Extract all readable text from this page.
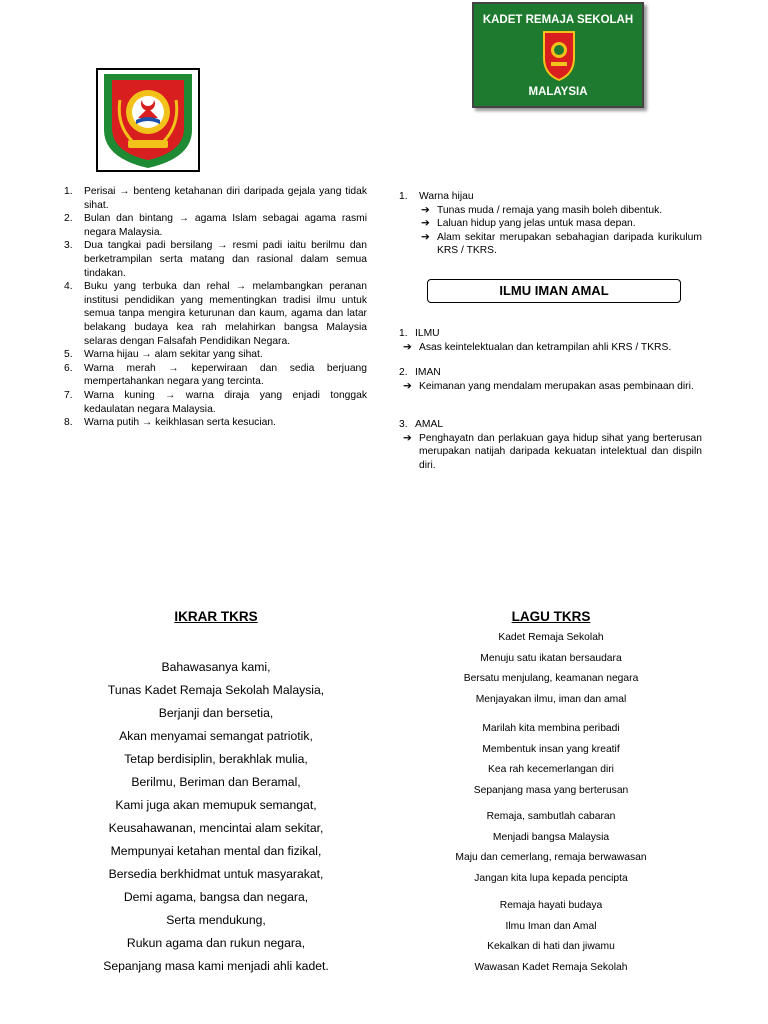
KADET REMAJA SEKOLAH
MALAYSIA
1. Perisai → benteng ketahanan diri daripada gejala yang tidak sihat.
2. Bulan dan bintang → agama Islam sebagai agama rasmi negara Malaysia.
3. Dua tangkai padi bersilang → resmi padi iaitu berilmu dan berketrampilan serta matang dan rasional dalam semua tindakan.
4. Buku yang terbuka dan rehal → melambangkan peranan institusi pendidikan yang mementingkan tradisi ilmu untuk semua tanpa mengira keturunan dan kaum, agama dan latar belakang budaya kea rah melahirkan bangsa Malaysia selaras dengan Falsafah Pendidikan Negara.
5. Warna hijau → alam sekitar yang sihat.
6. Warna merah → keperwiraan dan sedia berjuang mempertahankan negara yang tercinta.
7. Warna kuning → warna diraja yang enjadi tonggak kedaulatan negara Malaysia.
8. Warna putih → keikhlasan serta kesucian.
1. Warna hijau
➔ Tunas muda / remaja yang masih boleh dibentuk.
➔ Laluan hidup yang jelas untuk masa depan.
➔ Alam sekitar merupakan sebahagian daripada kurikulum KRS / TKRS.
ILMU IMAN AMAL
1. ILMU
➔ Asas keintelektualan dan ketrampilan ahli KRS / TKRS.
2. IMAN
➔ Keimanan yang mendalam merupakan asas pembinaan diri.
3. AMAL
➔ Penghayatn dan perlakuan gaya hidup sihat yang berterusan merupakan natijah daripada kekuatan intelektual dan dispiln diri.
IKRAR TKRS
Bahawasanya kami,
Tunas Kadet Remaja Sekolah Malaysia,
Berjanji dan bersetia,
Akan menyamai semangat patriotik,
Tetap berdisiplin, berakhlak mulia,
Berilmu, Beriman dan Beramal,
Kami juga akan memupuk semangat,
Keusahawanan, mencintai alam sekitar,
Mempunyai ketahan mental dan fizikal,
Bersedia berkhidmat untuk masyarakat,
Demi agama, bangsa dan negara,
Serta mendukung,
Rukun agama dan rukun negara,
Sepanjang masa kami menjadi ahli kadet.
LAGU TKRS
Kadet Remaja Sekolah
Menuju satu ikatan bersaudara
Bersatu menjulang, keamanan negara
Menjayakan ilmu, iman dan amal
Marilah kita membina peribadi
Membentuk insan yang kreatif
Kea rah kecemerlangan diri
Sepanjang masa yang berterusan
Remaja, sambutlah cabaran
Menjadi bangsa Malaysia
Maju dan cemerlang, remaja berwawasan
Jangan kita lupa kepada pencipta
Remaja hayati budaya
Ilmu Iman dan Amal
Kekalkan di hati dan jiwamu
Wawasan Kadet Remaja Sekolah
